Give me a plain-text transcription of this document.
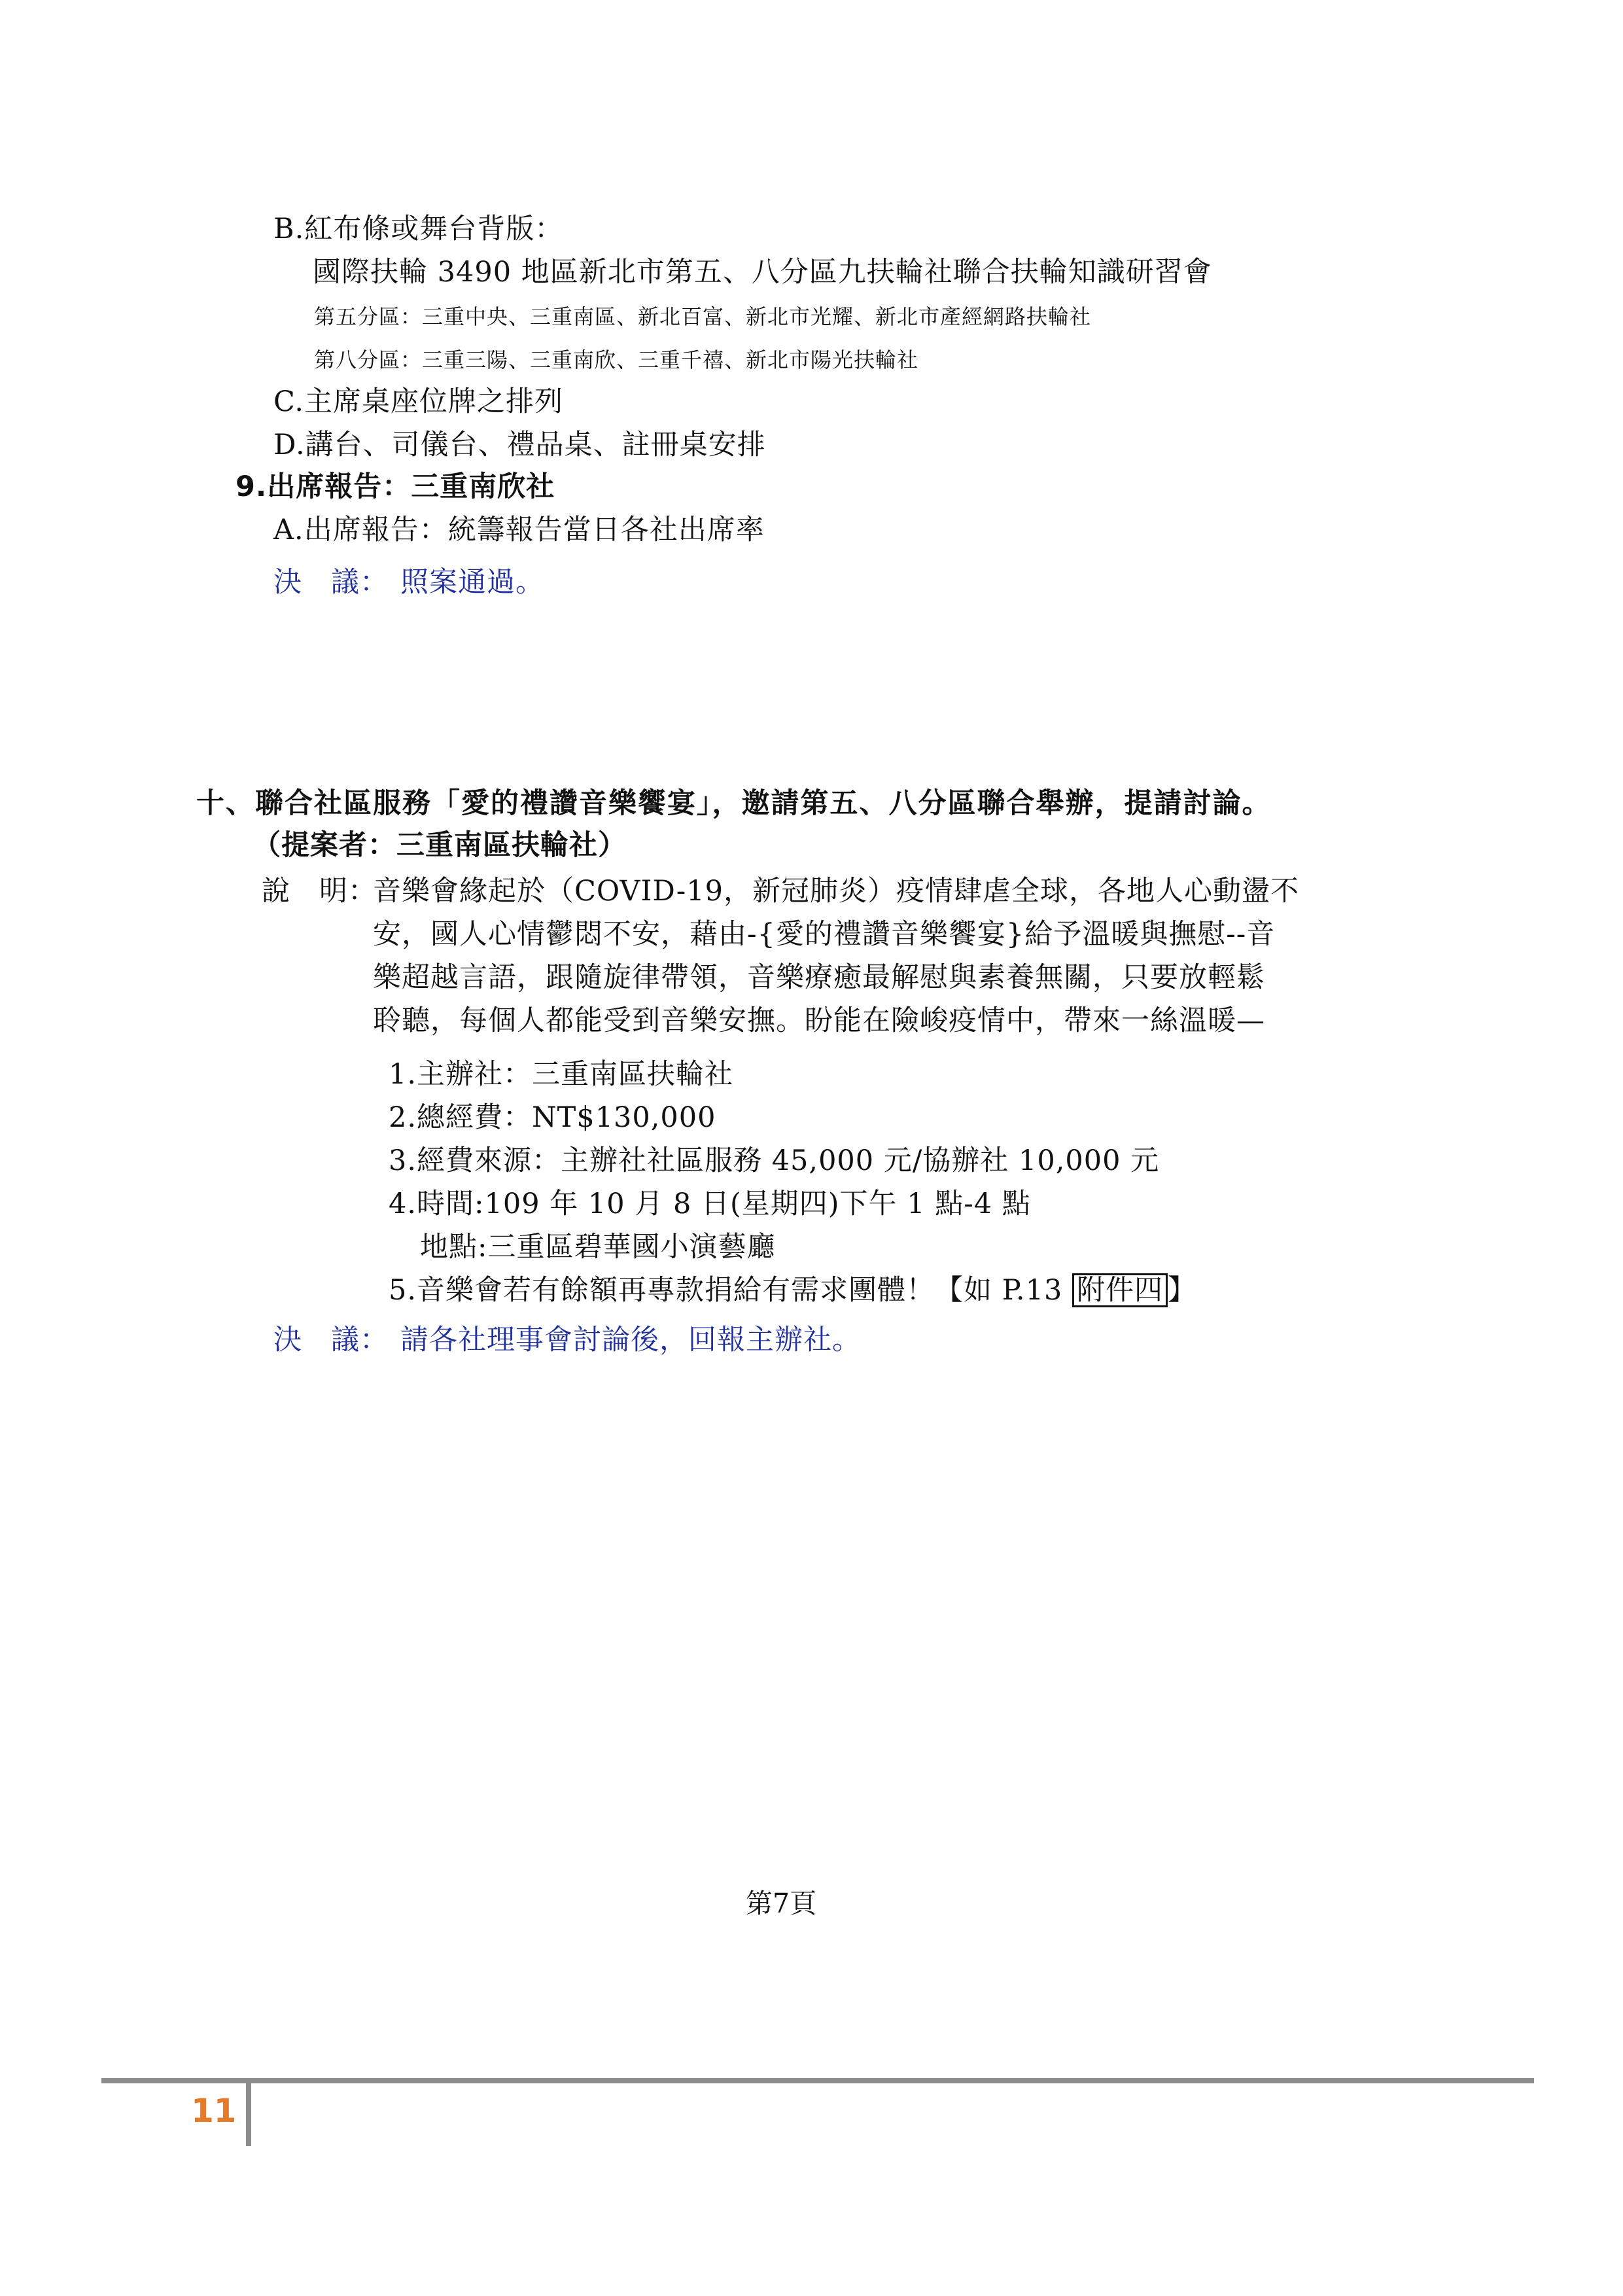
B.紅布條或舞台背版：
國際扶輪 3490 地區新北市第五、八分區九扶輪社聯合扶輪知識研習會
第五分區：三重中央、三重南區、新北百富、新北市光耀、新北市產經網路扶輪社
第八分區：三重三陽、三重南欣、三重千禧、新北市陽光扶輪社
C.主席桌座位牌之排列
D.講台、司儀台、禮品桌、註冊桌安排
9.出席報告：三重南欣社
A.出席報告：統籌報告當日各社出席率
決　議： 照案通過。
十、聯合社區服務「愛的禮讚音樂饗宴」，邀請第五、八分區聯合舉辦，提請討論。
（提案者：三重南區扶輪社）
說　明：
音樂會緣起於（COVID-19，新冠肺炎）疫情肆虐全球，各地人心動盪不
安，國人心情鬱悶不安，藉由-{愛的禮讚音樂饗宴}給予溫暖與撫慰--音
樂超越言語，跟隨旋律帶領，音樂療癒最解慰與素養無關，只要放輕鬆
聆聽，每個人都能受到音樂安撫。盼能在險峻疫情中，帶來一絲溫暖—
1.主辦社：三重南區扶輪社
2.總經費：NT$130,000
3.經費來源：主辦社社區服務 45,000 元/協辦社 10,000 元
4.時間:109 年 10 月 8 日(星期四)下午 1 點-4 點
地點:三重區碧華國小演藝廳
5.音樂會若有餘額再專款捐給有需求團體！【如 P.13 附件四 】
決　議： 請各社理事會討論後，回報主辦社。
第7頁
11
